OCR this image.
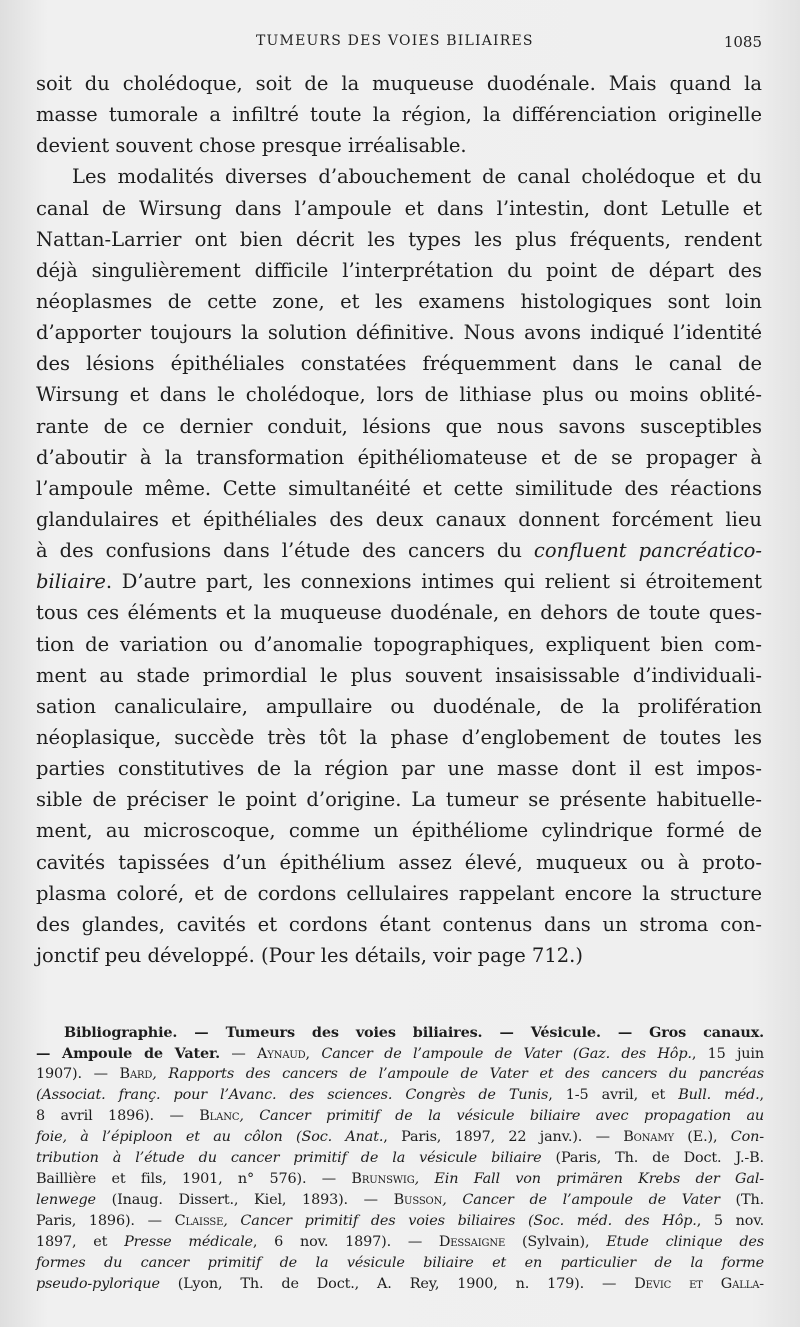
TUMEURS DES VOIES BILIAIRES	1085
soit du cholédoque, soit de la muqueuse duodénale. Mais quand la
masse tumorale a infiltré toute la région, la différenciation originelle
devient souvent chose presque irréalisable.
Les modalités diverses d’abouchement de canal cholédoque et du
canal de Wirsung dans l’ampoule et dans l’intestin, dont Letulle et
Nattan-Larrier ont bien décrit les types les plus fréquents, rendent
déjà singulièrement difficile l’interprétation du point de départ des
néoplasmes de cette zone, et les examens histologiques sont loin
d’apporter toujours la solution définitive. Nous avons indiqué l’identité
des lésions épithéliales constatées fréquemment dans le canal de
Wirsung et dans le cholédoque, lors de lithiase plus ou moins oblité-
rante de ce dernier conduit, lésions que nous savons susceptibles
d’aboutir à la transformation épithéliomateuse et de se propager à
l’ampoule même. Cette simultanéité et cette similitude des réactions
glandulaires et épithéliales des deux canaux donnent forcément lieu
à des confusions dans l’étude des cancers du confluent pancréatico-
biliaire. D’autre part, les connexions intimes qui relient si étroitement
tous ces éléments et la muqueuse duodénale, en dehors de toute ques-
tion de variation ou d’anomalie topographiques, expliquent bien com-
ment au stade primordial le plus souvent insaisissable d’individuali-
sation canaliculaire, ampullaire ou duodénale, de la prolifération
néoplasique, succède très tôt la phase d’englobement de toutes les
parties constitutives de la région par une masse dont il est impos-
sible de préciser le point d’origine. La tumeur se présente habituelle-
ment, au microscoque, comme un épithéliome cylindrique formé de
cavités tapissées d’un épithélium assez élevé, muqueux ou à proto-
plasma coloré, et de cordons cellulaires rappelant encore la structure
des glandes, cavités et cordons étant contenus dans un stroma con-
jonctif peu développé. (Pour les détails, voir page 712.)
Bibliographie. — Tumeurs des voies biliaires. — Vésicule. — Gros canaux.
— Ampoule de Vater. — Aynaud, Cancer de l’ampoule de Vater (Gaz. des Hôp., 15 juin
1907). — Bard, Rapports des cancers de l’ampoule de Vater et des cancers du pancréas
(Associat. franç. pour l’Avanc. des sciences. Congrès de Tunis, 1-5 avril, et Bull. méd.,
8 avril 1896). — Blanc, Cancer primitif de la vésicule biliaire avec propagation au
foie, à l’épiploon et au côlon (Soc. Anat., Paris, 1897, 22 janv.). — Bonamy (E.), Con-
tribution à l’étude du cancer primitif de la vésicule biliaire (Paris, Th. de Doct. J.-B.
Baillière et fils, 1901, n° 576). — Brunswig, Ein Fall von primären Krebs der Gal-
lenwege (Inaug. Dissert., Kiel, 1893). — Busson, Cancer de l’ampoule de Vater (Th.
Paris, 1896). — Claisse, Cancer primitif des voies biliaires (Soc. méd. des Hôp., 5 nov.
1897, et Presse médicale, 6 nov. 1897). — Dessaigne (Sylvain), Etude clinique des
formes du cancer primitif de la vésicule biliaire et en particulier de la forme
pseudo-pylorique (Lyon, Th. de Doct., A. Rey, 1900, n. 179). — Devic et Galla-
